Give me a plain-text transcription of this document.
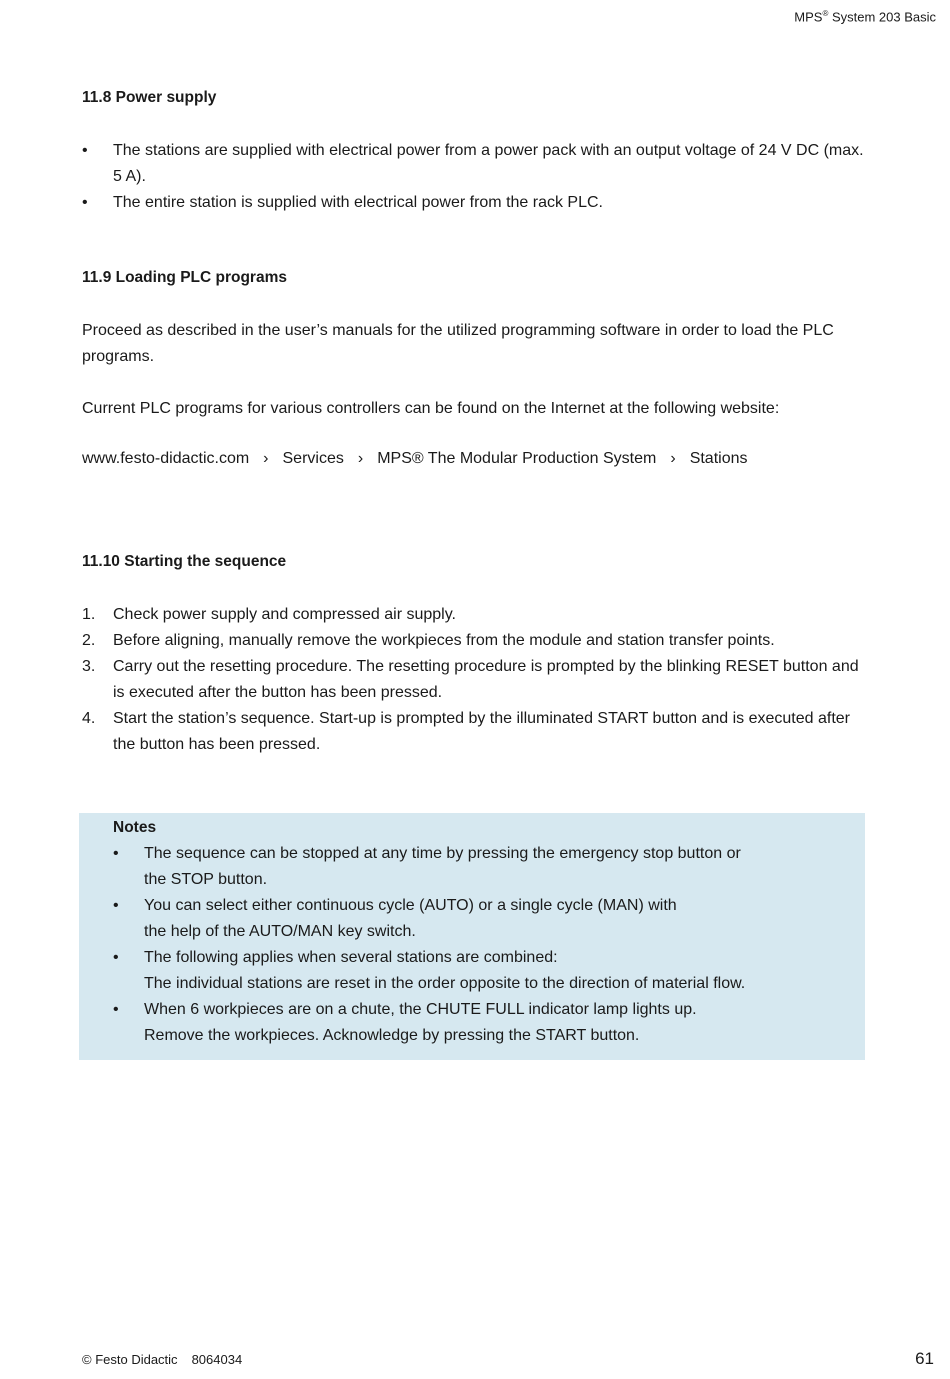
MPS® System 203 Basic
11.8 Power supply
• The stations are supplied with electrical power from a power pack with an output voltage of 24 V DC (max. 5 A).
• The entire station is supplied with electrical power from the rack PLC.
11.9 Loading PLC programs
Proceed as described in the user’s manuals for the utilized programming software in order to load the PLC programs.
Current PLC programs for various controllers can be found on the Internet at the following website:
www.festo-didactic.com › Services › MPS® The Modular Production System › Stations
11.10 Starting the sequence
1. Check power supply and compressed air supply.
2. Before aligning, manually remove the workpieces from the module and station transfer points.
3. Carry out the resetting procedure. The resetting procedure is prompted by the blinking RESET button and is executed after the button has been pressed.
4. Start the station’s sequence. Start-up is prompted by the illuminated START button and is executed after the button has been pressed.
Notes
• The sequence can be stopped at any time by pressing the emergency stop button or
the STOP button.
• You can select either continuous cycle (AUTO) or a single cycle (MAN) with
the help of the AUTO/MAN key switch.
• The following applies when several stations are combined:
The individual stations are reset in the order opposite to the direction of material flow.
• When 6 workpieces are on a chute, the CHUTE FULL indicator lamp lights up.
Remove the workpieces. Acknowledge by pressing the START button.
© Festo Didactic 8064034	61
